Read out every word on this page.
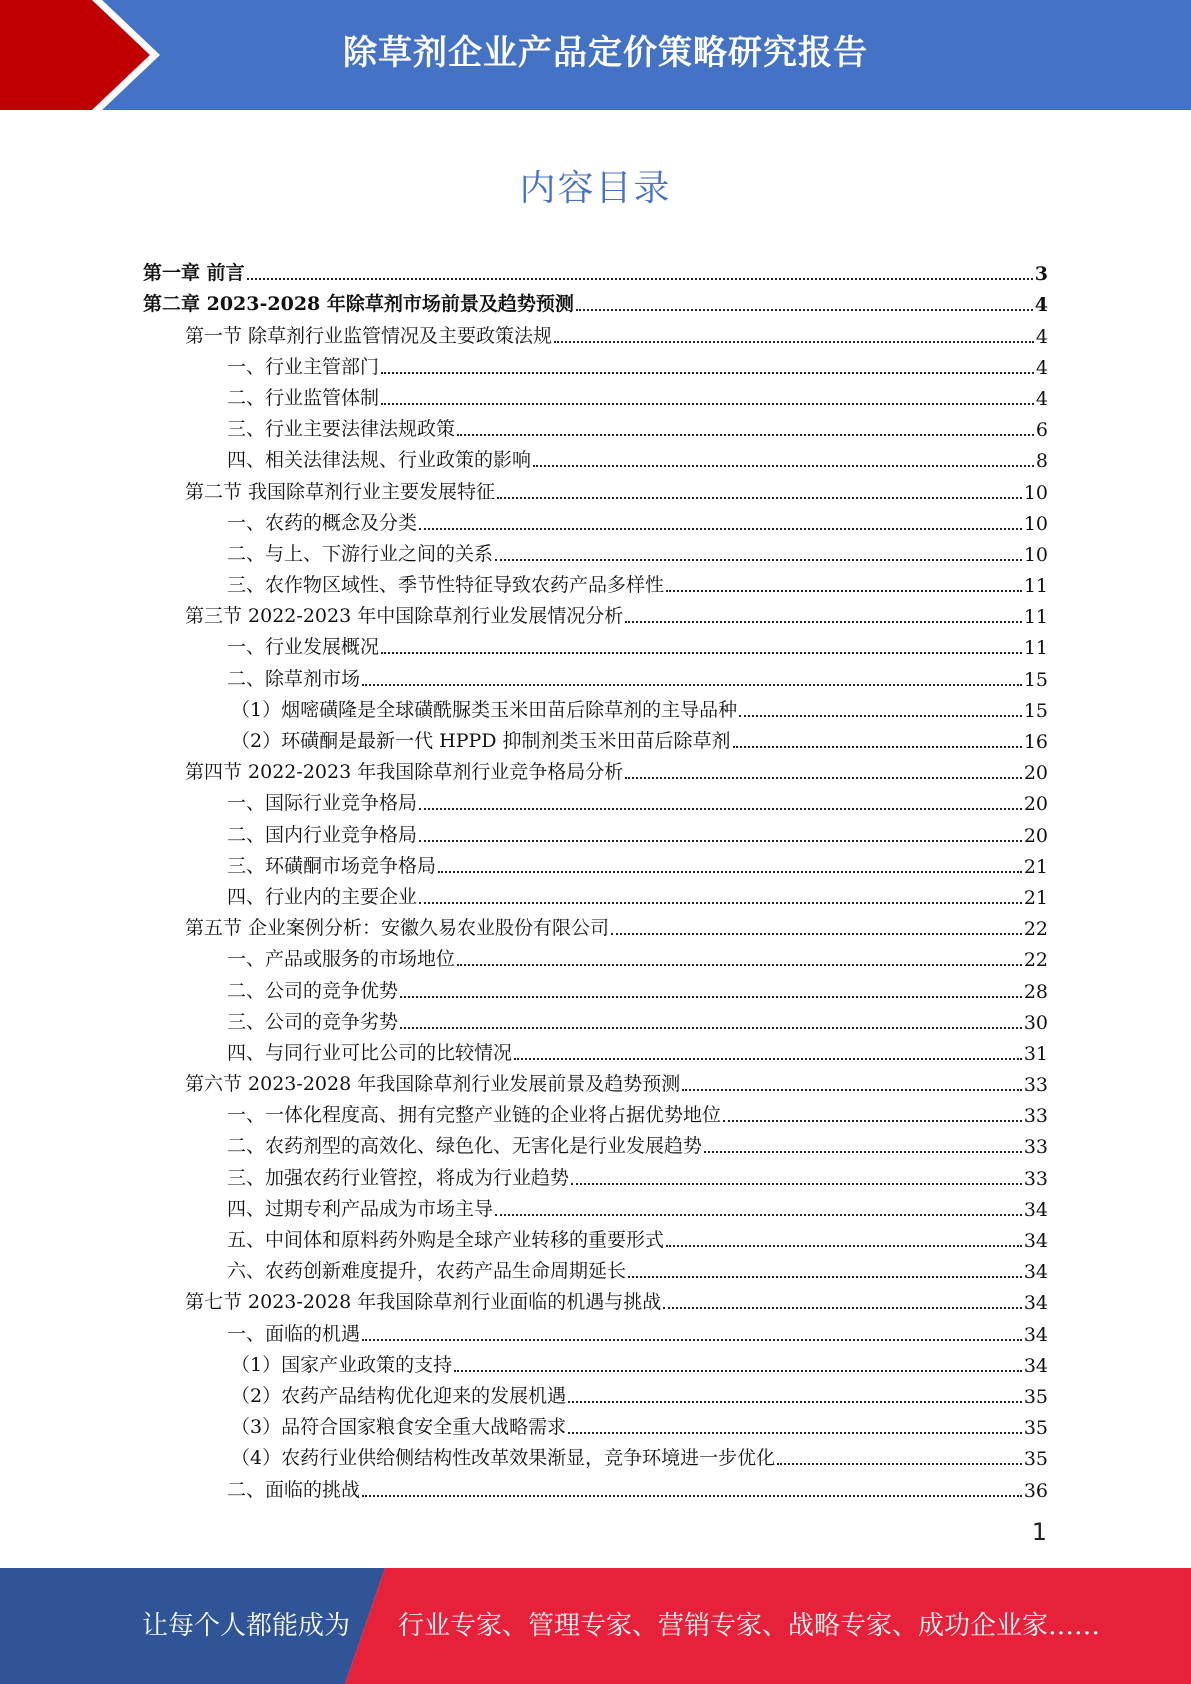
除草剂企业产品定价策略研究报告
内容目录
第一章 前言	3
第二章 2023-2028 年除草剂市场前景及趋势预测	4
第一节 除草剂行业监管情况及主要政策法规	4
一、行业主管部门	4
二、行业监管体制	4
三、行业主要法律法规政策	6
四、相关法律法规、行业政策的影响	8
第二节 我国除草剂行业主要发展特征	10
一、农药的概念及分类	10
二、与上、下游行业之间的关系	10
三、农作物区域性、季节性特征导致农药产品多样性	11
第三节 2022-2023 年中国除草剂行业发展情况分析	11
一、行业发展概况	11
二、除草剂市场	15
（1）烟嘧磺隆是全球磺酰脲类玉米田苗后除草剂的主导品种	15
（2）环磺酮是最新一代 HPPD 抑制剂类玉米田苗后除草剂	16
第四节 2022-2023 年我国除草剂行业竞争格局分析	20
一、国际行业竞争格局	20
二、国内行业竞争格局	20
三、环磺酮市场竞争格局	21
四、行业内的主要企业	21
第五节 企业案例分析：安徽久易农业股份有限公司	22
一、产品或服务的市场地位	22
二、公司的竞争优势	28
三、公司的竞争劣势	30
四、与同行业可比公司的比较情况	31
第六节 2023-2028 年我国除草剂行业发展前景及趋势预测	33
一、一体化程度高、拥有完整产业链的企业将占据优势地位	33
二、农药剂型的高效化、绿色化、无害化是行业发展趋势	33
三、加强农药行业管控，将成为行业趋势	33
四、过期专利产品成为市场主导	34
五、中间体和原料药外购是全球产业转移的重要形式	34
六、农药创新难度提升，农药产品生命周期延长	34
第七节 2023-2028 年我国除草剂行业面临的机遇与挑战	34
一、面临的机遇	34
（1）国家产业政策的支持	34
（2）农药产品结构优化迎来的发展机遇	35
（3）品符合国家粮食安全重大战略需求	35
（4）农药行业供给侧结构性改革效果渐显，竞争环境进一步优化	35
二、面临的挑战	36
1
让每个人都能成为 行业专家、管理专家、营销专家、战略专家、成功企业家……
